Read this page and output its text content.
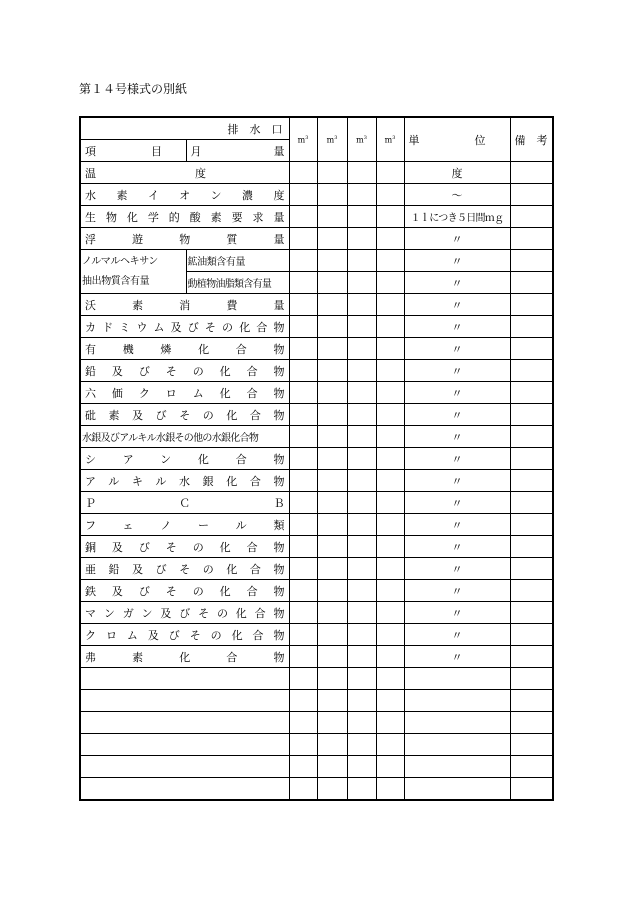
第１４号様式の別紙
排　水　口		$m^3$	$m^3$	$m^3$	$m^3$	単　　　　　位	備　考
項　　　　　目	月 量						

温　　　　　　　　　度						度	
水素イオン濃度						～	
生物化学的酸素要求量						１ｌにつき５日間ｍｇ	
浮遊物質量						〃	

ノルマルヘキサン
抽出物質含有量	鉱油類含有量					〃	
	動植物油脂類含有量					〃	
沃素消費量						〃	
カドミウム及びその化合物						〃	
有機燐化合物						〃	
鉛及びその化合物						〃	
六価クロム化合物						〃	
砒素及びその化合物						〃	
水銀及びアルキル水銀その他の水銀化合物						〃	
シアン化合物						〃	
アルキル水銀化合物						〃	
ＰＣＢ						〃	
フェノール類						〃	
銅及びその化合物						〃	
亜鉛及びその化合物						〃	
鉄及びその化合物						〃	
マンガン及びその化合物						〃	
クロム及びその化合物						〃	
弗素化合物						〃	
